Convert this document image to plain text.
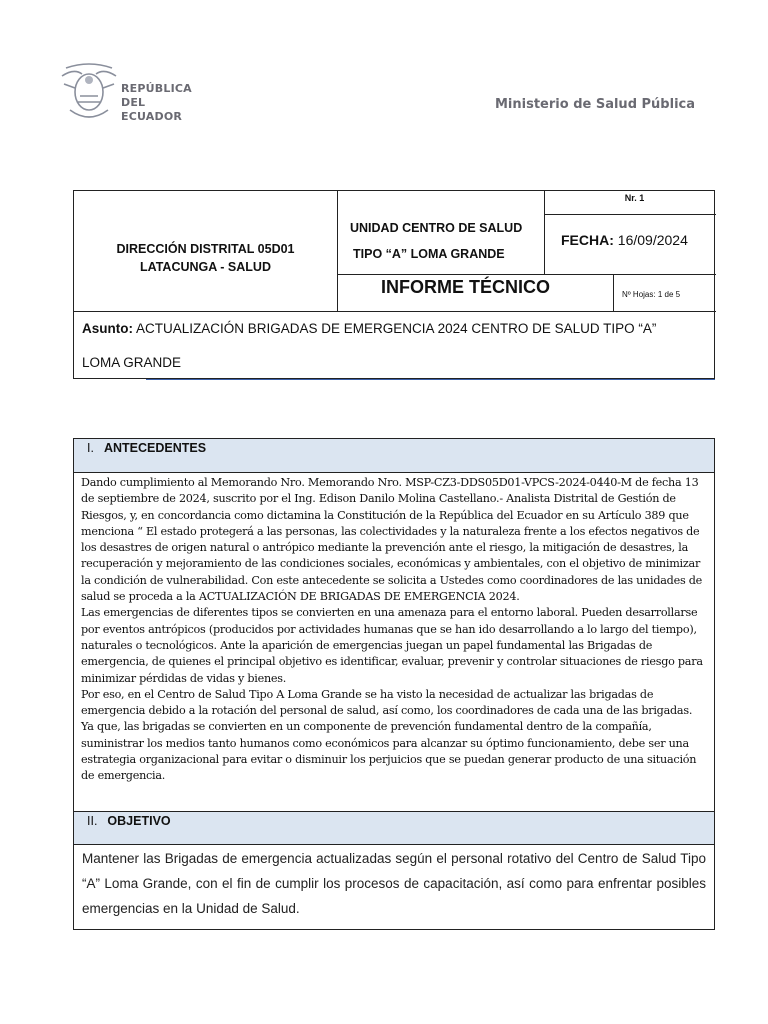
REPÚBLICA
DEL ECUADOR
Ministerio de Salud Pública
DIRECCIÓN DISTRITAL 05D01
LATACUNGA - SALUD
UNIDAD CENTRO DE SALUD
TIPO “A” LOMA GRANDE
Nr. 1
FECHA: 16/09/2024
INFORME TÉCNICO	Nº Hojas: 1 de 5
Asunto: ACTUALIZACIÓN BRIGADAS DE EMERGENCIA 2024 CENTRO DE SALUD TIPO “A”
LOMA GRANDE
I. ANTECEDENTES

Dando cumplimiento al Memorando Nro. Memorando Nro. MSP-CZ3-DDS05D01-VPCS-2024-0440-M de fecha 13 de septiembre de 2024, suscrito por el Ing. Edison Danilo Molina Castellano.- Analista Distrital de Gestión de Riesgos, y, en concordancia como dictamina la Constitución de la República del Ecuador en su Artículo 389 que menciona “ El estado protegerá a las personas, las colectividades y la naturaleza frente a los efectos negativos de los desastres de origen natural o antrópico mediante la prevención ante el riesgo, la mitigación de desastres, la recuperación y mejoramiento de las condiciones sociales, económicas y ambientales, con el objetivo de minimizar la condición de vulnerabilidad. Con este antecedente se solicita a Ustedes como coordinadores de las unidades de salud se proceda a la ACTUALIZACIÓN DE BRIGADAS DE EMERGENCIA 2024.

Las emergencias de diferentes tipos se convierten en una amenaza para el entorno laboral. Pueden desarrollarse por eventos antrópicos (producidos por actividades humanas que se han ido desarrollando a lo largo del tiempo), naturales o tecnológicos. Ante la aparición de emergencias juegan un papel fundamental las Brigadas de emergencia, de quienes el principal objetivo es identificar, evaluar, prevenir y controlar situaciones de riesgo para minimizar pérdidas de vidas y bienes.

Por eso, en el Centro de Salud Tipo A Loma Grande se ha visto la necesidad de actualizar las brigadas de emergencia debido a la rotación del personal de salud, así como, los coordinadores de cada una de las brigadas. Ya que, las brigadas se convierten en un componente de prevención fundamental dentro de la compañía, suministrar los medios tanto humanos como económicos para alcanzar su óptimo funcionamiento, debe ser una estrategia organizacional para evitar o disminuir los perjuicios que se puedan generar producto de una situación de emergencia.

II. OBJETIVO
Mantener las Brigadas de emergencia actualizadas según el personal rotativo del Centro de Salud Tipo “A” Loma Grande, con el fin de cumplir los procesos de capacitación, así como para enfrentar posibles emergencias en la Unidad de Salud.
